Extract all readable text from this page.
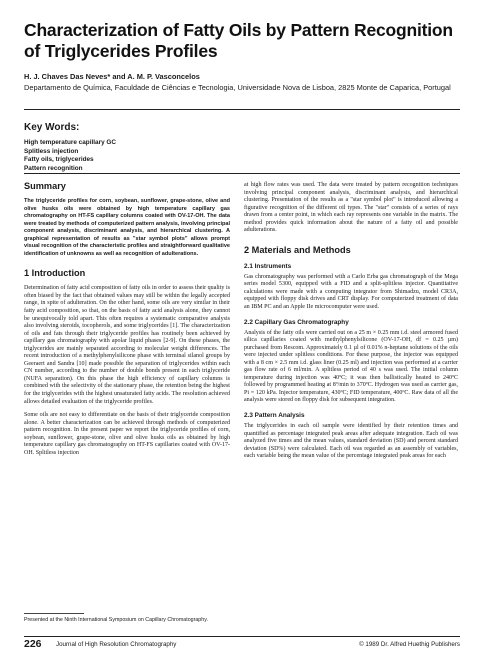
Characterization of Fatty Oils by Pattern Recognition of Triglycerides Profiles
H. J. Chaves Das Neves* and A. M. P. Vasconcelos
Departamento de Química, Faculdade de Ciências e Tecnologia, Universidade Nova de Lisboa, 2825 Monte de Caparica, Portugal
Key Words:
High temperature capillary GC
Splitless injection
Fatty oils, triglycerides
Pattern recognition
Summary

The triglyceride profiles for corn, soybean, sunflower, grape-stone, olive and olive husks oils were obtained by high temperature capillary gas chromatography on HT-FS capillary columns coated with OV-17-OH. The data were treated by methods of computerized pattern analysis, involving principal component analysis, discriminant analysis, and hierarchical clustering. A graphical representation of results as "star symbol plots" allows prompt visual recognition of the characteristic profiles and straightforward qualitative identification of unknowns as well as recognition of adulterations.

1 Introduction

Determination of fatty acid composition of fatty oils in order to assess their quality is often biased by the fact that obtained values may still be within the legally accepted range, in spite of adulteration. On the other hand, some oils are very similar in their fatty acid composition, so that, on the basis of fatty acid analysis alone, they cannot be unequivocally told apart. This often requires a systematic comparative analysis also involving steroids, tocopherols, and some triglycerides [1]. The characterization of oils and fats through their triglyceride profiles has routinely been achieved by capillary gas chromatography with apolar liquid phases [2-9]. On these phases, the triglycerides are mainly separated according to molecular weight differences. The recent introduction of a methylphenylsilicone phase with terminal silanol groups by Geeraert and Sandra [10] made possible the separation of triglycerides within each CN number, according to the number of double bonds present in each triglyceride (NUFA separation). On this phase the high efficiency of capillary columns is combined with the selectivity of the stationary phase, the retention being the highest for the triglycerides with the highest unsaturated fatty acids. The resolution achieved allows detailed evaluation of the triglyceride profiles.

Some oils are not easy to differentiate on the basis of their triglyceride composition alone. A better characterization can be achieved through methods of computerized pattern recognition. In the present paper we report the triglyceride profiles of corn, soybean, sunflower, grape-stone, olive and olive husks oils as obtained by high temperature capillary gas chromatography on HT-FS capillaries coated with OV-17-OH. Splitless injection

at high flow rates was used. The data were treated by pattern recognition techniques involving principal component analysis, discriminant analysis, and hierarchical clustering. Presentation of the results as a "star symbol plot" is introduced allowing a figurative recognition of the different oil types. The "star" consists of a series of rays drawn from a center point, in which each ray represents one variable in the matrix. The method provides quick information about the nature of a fatty oil and possible adulterations.

2 Materials and Methods
2.1 Instruments

Gas chromatography was performed with a Carlo Erba gas chromatograph of the Mega series model 5300, equipped with a FID and a split-splitless injector. Quantitative calculations were made with a computing integrator from Shimadzu, model CR3A, equipped with floppy disk drives and CRT display. For computerized treatment of data an IBM PC and an Apple IIe microcomputer were used.

2.2 Capillary Gas Chromatography

Analysis of the fatty oils were carried out on a 25 m × 0.25 mm i.d. steel armored fused silica capillaries coated with methylphenylsilicone (OV-17-OH, df = 0.25 µm) purchased from Rescom. Approximately 0.1 µl of 0.01% n-heptane solutions of the oils were injected under splitless conditions. For these purpose, the injector was equipped with a 8 cm × 2.5 mm i.d. glass liner (0.25 ml) and injection was performed at a carrier gas flow rate of 6 ml/min. A splitless period of 40 s was used. The initial column temperature during injection was 40ºC; it was then ballistically heated to 240ºC followed by programmed heating at 8º/min to 370ºC. Hydrogen was used as carrier gas, Pi = 120 kPa. Injector temperature, 430ºC; FID temperature, 400ºC. Raw data of all the analysis were stored on floppy disk for subsequent integration.

2.3 Pattern Analysis

The triglycerides in each oil sample were identified by their retention times and quantified as percentage integrated peak areas after adequate integration. Each oil was analyzed five times and the mean values, standard deviation (SD) and percent standard deviation (SD%) were calculated. Each oil was regarded as an assembly of variables, each variable being the mean value of the percentage integrated peak areas for each

Presented at the Ninth International Symposium on Capillary Chromatography.
226 Journal of High Resolution Chromatography	© 1989 Dr. Alfred Huethig Publishers
